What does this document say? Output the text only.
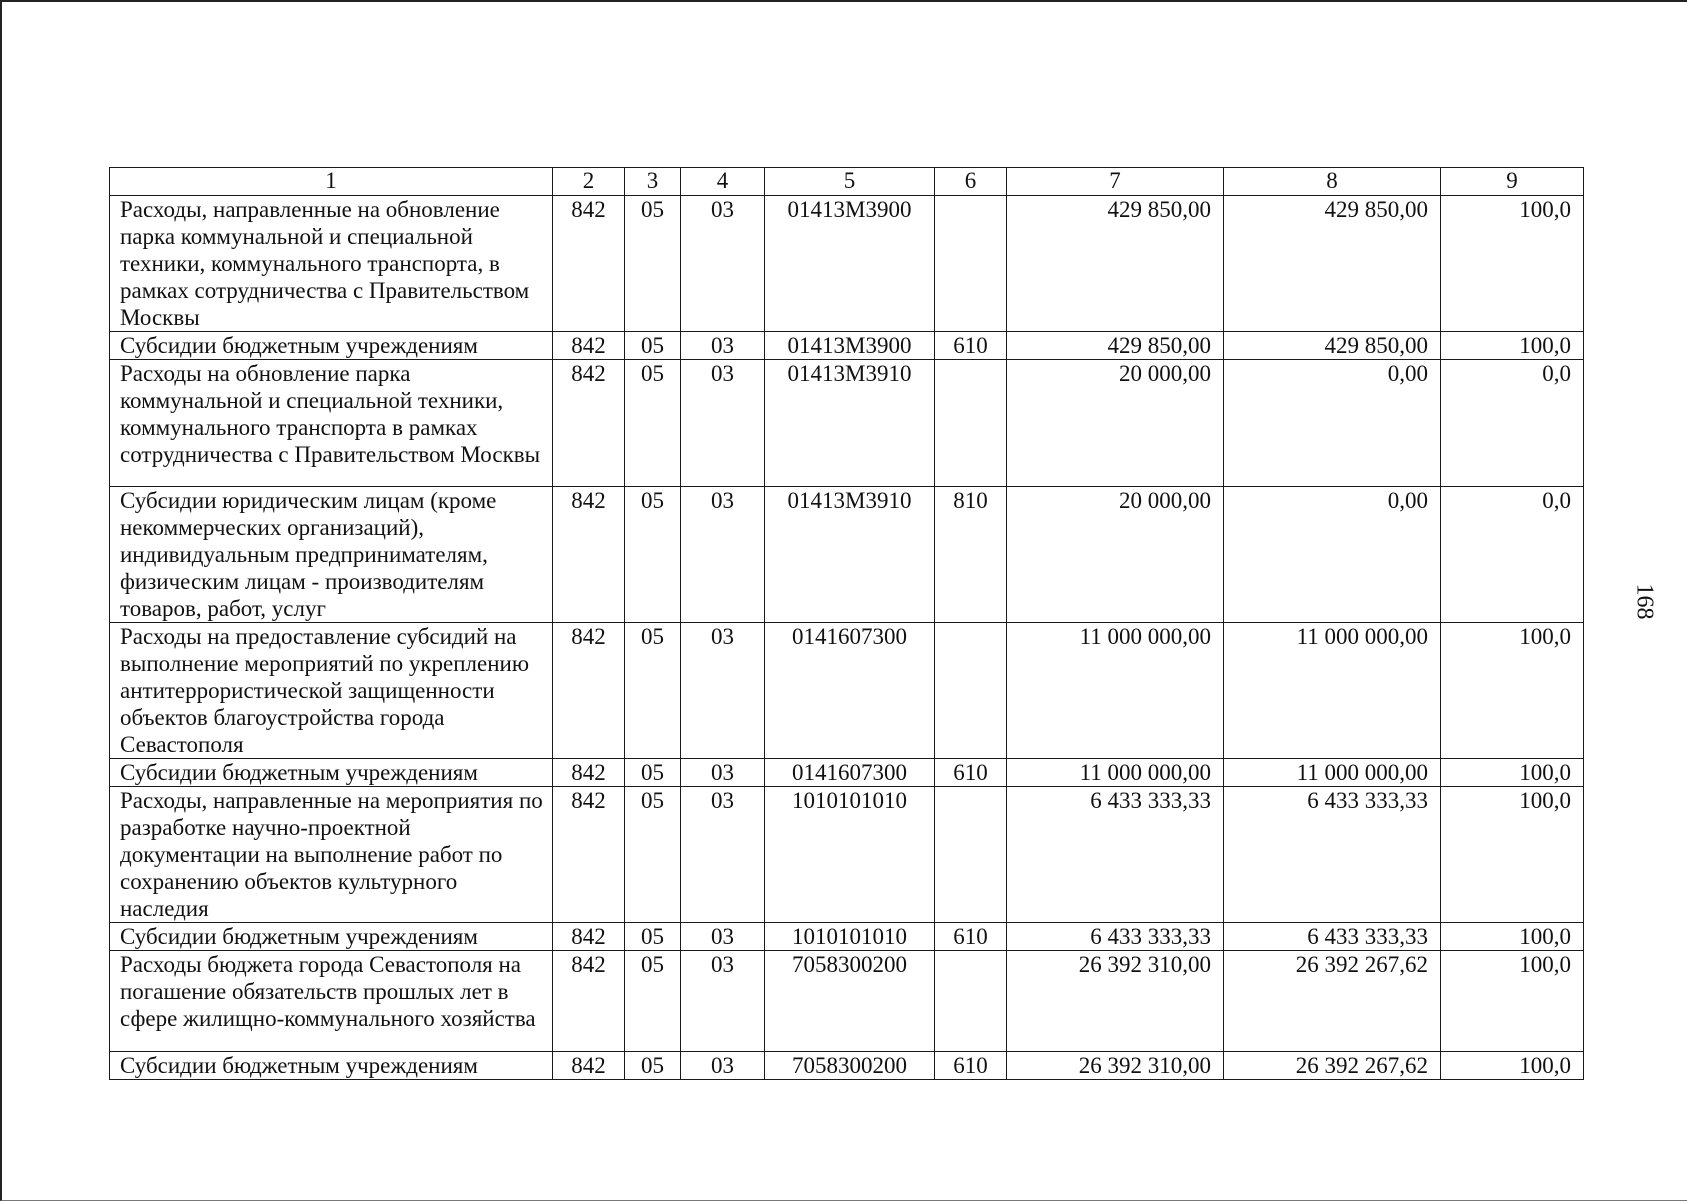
1	2	3	4	5	6	7	8	9
Расходы, направленные на обновление парка коммунальной и специальной техники, коммунального транспорта, в рамках сотрудничества с Правительством Москвы	842	05	03	01413М3900		429 850,00	429 850,00	100,0
Субсидии бюджетным учреждениям	842	05	03	01413М3900	610	429 850,00	429 850,00	100,0
Расходы на обновление парка коммунальной и специальной техники, коммунального транспорта в рамках сотрудничества с Правительством Москвы	842	05	03	01413М3910		20 000,00	0,00	0,0
Субсидии юридическим лицам (кроме некоммерческих организаций), индивидуальным предпринимателям, физическим лицам - производителям товаров, работ, услуг	842	05	03	01413М3910	810	20 000,00	0,00	0,0
Расходы на предоставление субсидий на выполнение мероприятий по укреплению антитеррористической защищенности объектов благоустройства города Севастополя	842	05	03	0141607300		11 000 000,00	11 000 000,00	100,0
Субсидии бюджетным учреждениям	842	05	03	0141607300	610	11 000 000,00	11 000 000,00	100,0
Расходы, направленные на мероприятия по разработке научно-проектной документации на выполнение работ по сохранению объектов культурного наследия	842	05	03	1010101010		6 433 333,33	6 433 333,33	100,0
Субсидии бюджетным учреждениям	842	05	03	1010101010	610	6 433 333,33	6 433 333,33	100,0
Расходы бюджета города Севастополя на погашение обязательств прошлых лет в сфере жилищно-коммунального хозяйства	842	05	03	7058300200		26 392 310,00	26 392 267,62	100,0
Субсидии бюджетным учреждениям	842	05	03	7058300200	610	26 392 310,00	26 392 267,62	100,0
168
